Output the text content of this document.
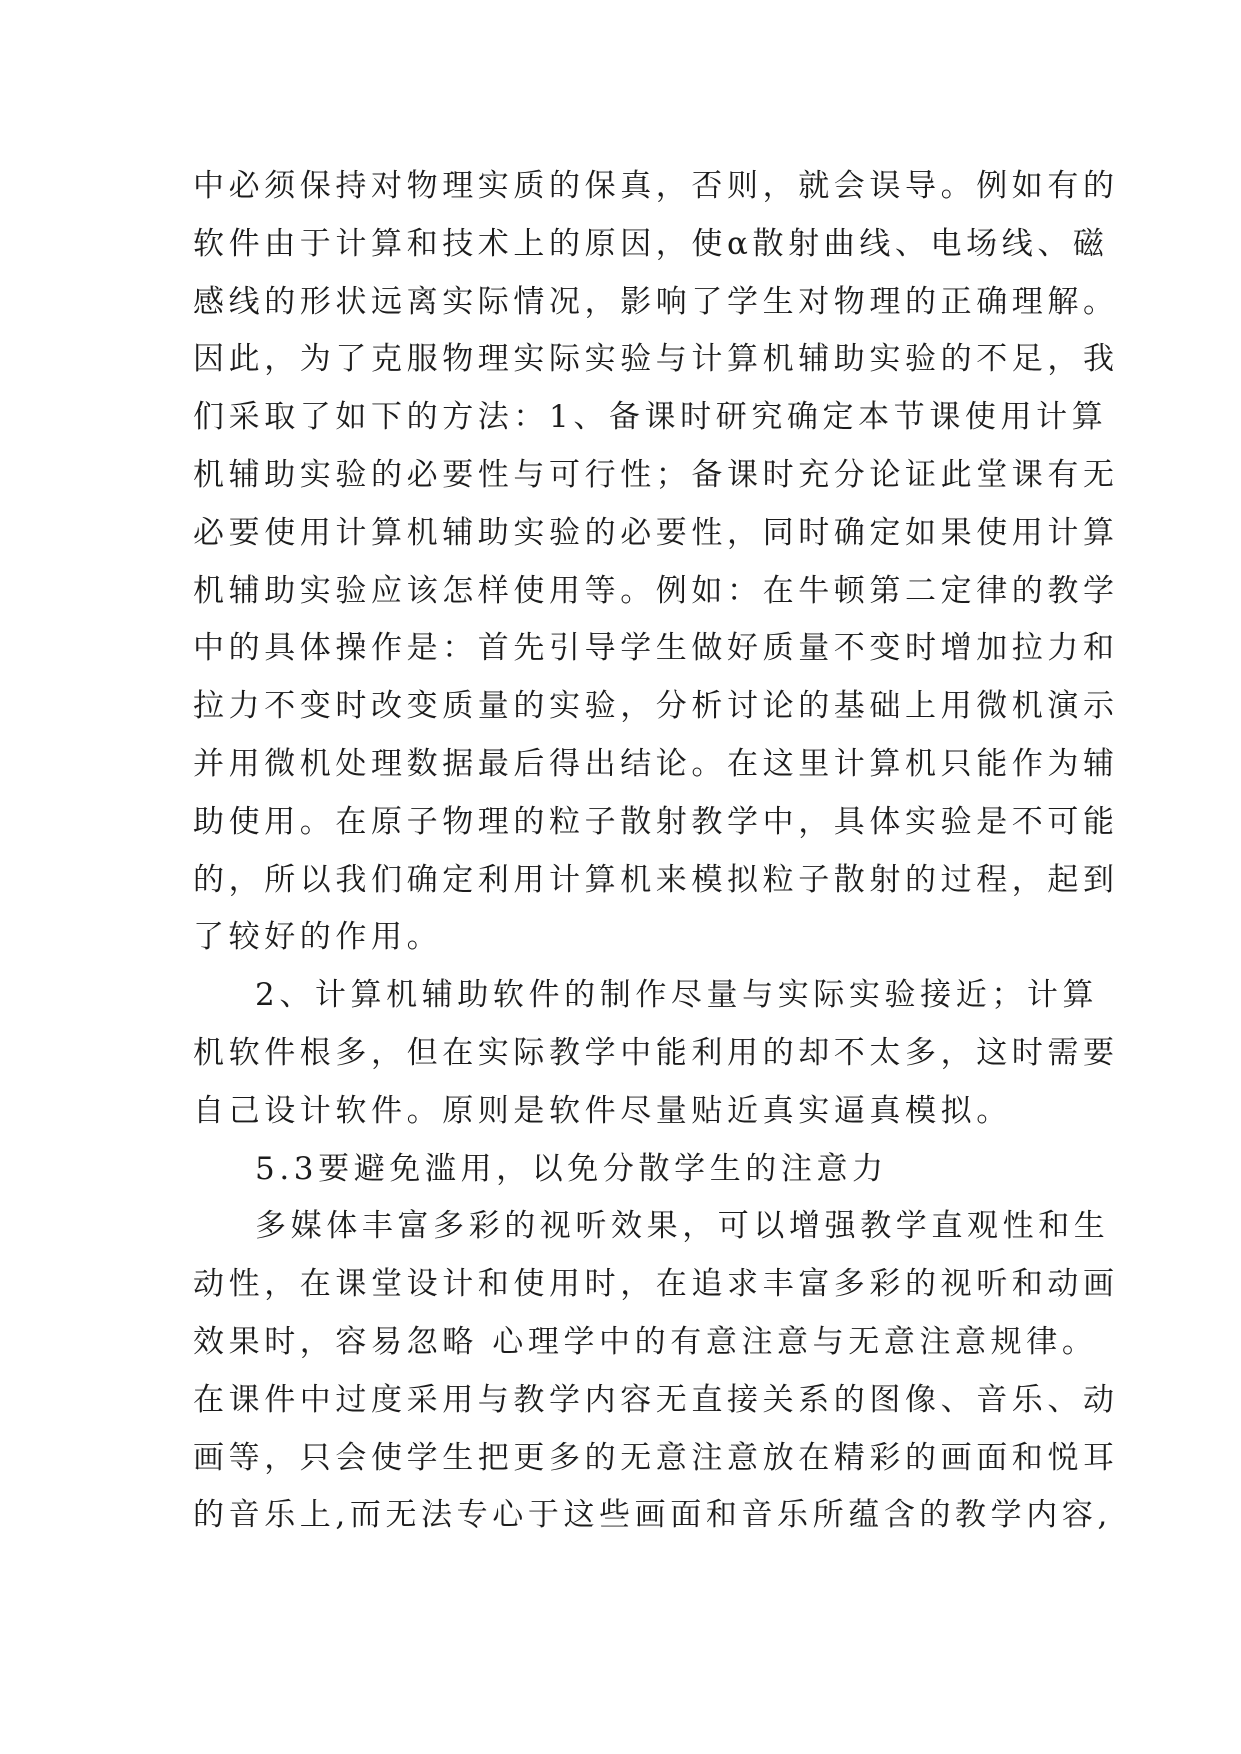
中必须保持对物理实质的保真，否则，就会误导。例如有的
软件由于计算和技术上的原因，使α散射曲线、电场线、磁
感线的形状远离实际情况，影响了学生对物理的正确理解。
因此，为了克服物理实际实验与计算机辅助实验的不足，我
们采取了如下的方法：1、备课时研究确定本节课使用计算
机辅助实验的必要性与可行性；备课时充分论证此堂课有无
必要使用计算机辅助实验的必要性，同时确定如果使用计算
机辅助实验应该怎样使用等。例如：在牛顿第二定律的教学
中的具体操作是：首先引导学生做好质量不变时增加拉力和
拉力不变时改变质量的实验，分析讨论的基础上用微机演示
并用微机处理数据最后得出结论。在这里计算机只能作为辅
助使用。在原子物理的粒子散射教学中，具体实验是不可能
的，所以我们确定利用计算机来模拟粒子散射的过程，起到
了较好的作用。
2、计算机辅助软件的制作尽量与实际实验接近；计算
机软件根多，但在实际教学中能利用的却不太多，这时需要
自己设计软件。原则是软件尽量贴近真实逼真模拟。
5.3要避免滥用，以免分散学生的注意力
多媒体丰富多彩的视听效果，可以增强教学直观性和生
动性，在课堂设计和使用时，在追求丰富多彩的视听和动画
效果时，容易忽略 心理学中的有意注意与无意注意规律。
在课件中过度采用与教学内容无直接关系的图像、音乐、动
画等，只会使学生把更多的无意注意放在精彩的画面和悦耳
的音乐上,而无法专心于这些画面和音乐所蕴含的教学内容,
